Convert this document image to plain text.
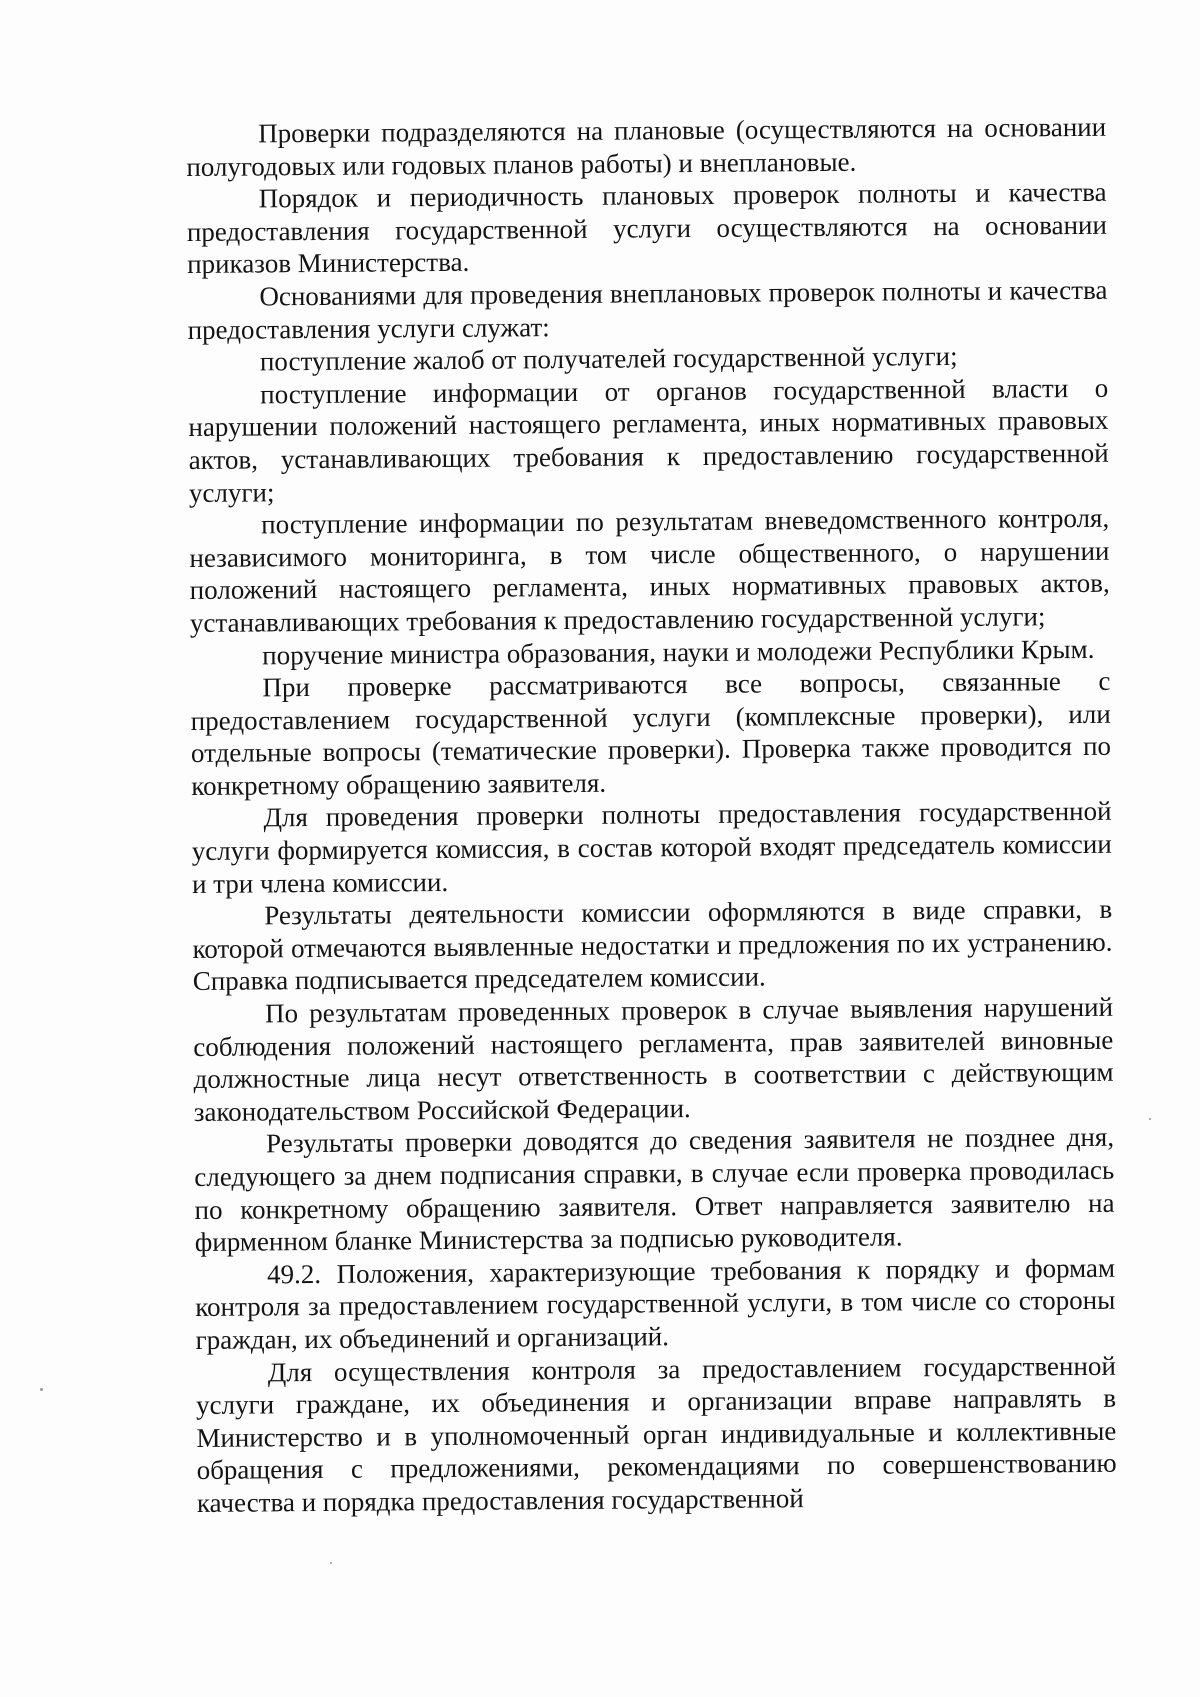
Проверки подразделяются на плановые (осуществляются на основании полугодовых или годовых планов работы) и внеплановые.

Порядок и периодичность плановых проверок полноты и качества предоставления государственной услуги осуществляются на основании приказов Министерства.

Основаниями для проведения внеплановых проверок полноты и качества предоставления услуги служат:

поступление жалоб от получателей государственной услуги;

поступление информации от органов государственной власти о нарушении положений настоящего регламента, иных нормативных правовых актов, устанавливающих требования к предоставлению государственной услуги;

поступление информации по результатам вневедомственного контроля, независимого мониторинга, в том числе общественного, о нарушении положений настоящего регламента, иных нормативных правовых актов, устанавливающих требования к предоставлению государственной услуги;

поручение министра образования, науки и молодежи Республики Крым.

При проверке рассматриваются все вопросы, связанные с предоставлением государственной услуги (комплексные проверки), или отдельные вопросы (тематические проверки). Проверка также проводится по конкретному обращению заявителя.

Для проведения проверки полноты предоставления государственной услуги формируется комиссия, в состав которой входят председатель комиссии и три члена комиссии.

Результаты деятельности комиссии оформляются в виде справки, в которой отмечаются выявленные недостатки и предложения по их устранению. Справка подписывается председателем комиссии.

По результатам проведенных проверок в случае выявления нарушений соблюдения положений настоящего регламента, прав заявителей виновные должностные лица несут ответственность в соответствии с действующим законодательством Российской Федерации.

Результаты проверки доводятся до сведения заявителя не позднее дня, следующего за днем подписания справки, в случае если проверка проводилась по конкретному обращению заявителя. Ответ направляется заявителю на фирменном бланке Министерства за подписью руководителя.

49.2. Положения, характеризующие требования к порядку и формам контроля за предоставлением государственной услуги, в том числе со стороны граждан, их объединений и организаций.

Для осуществления контроля за предоставлением государственной услуги граждане, их объединения и организации вправе направлять в Министерство и в уполномоченный орган индивидуальные и коллективные обращения с предложениями, рекомендациями по совершенствованию качества и порядка предоставления государственной
